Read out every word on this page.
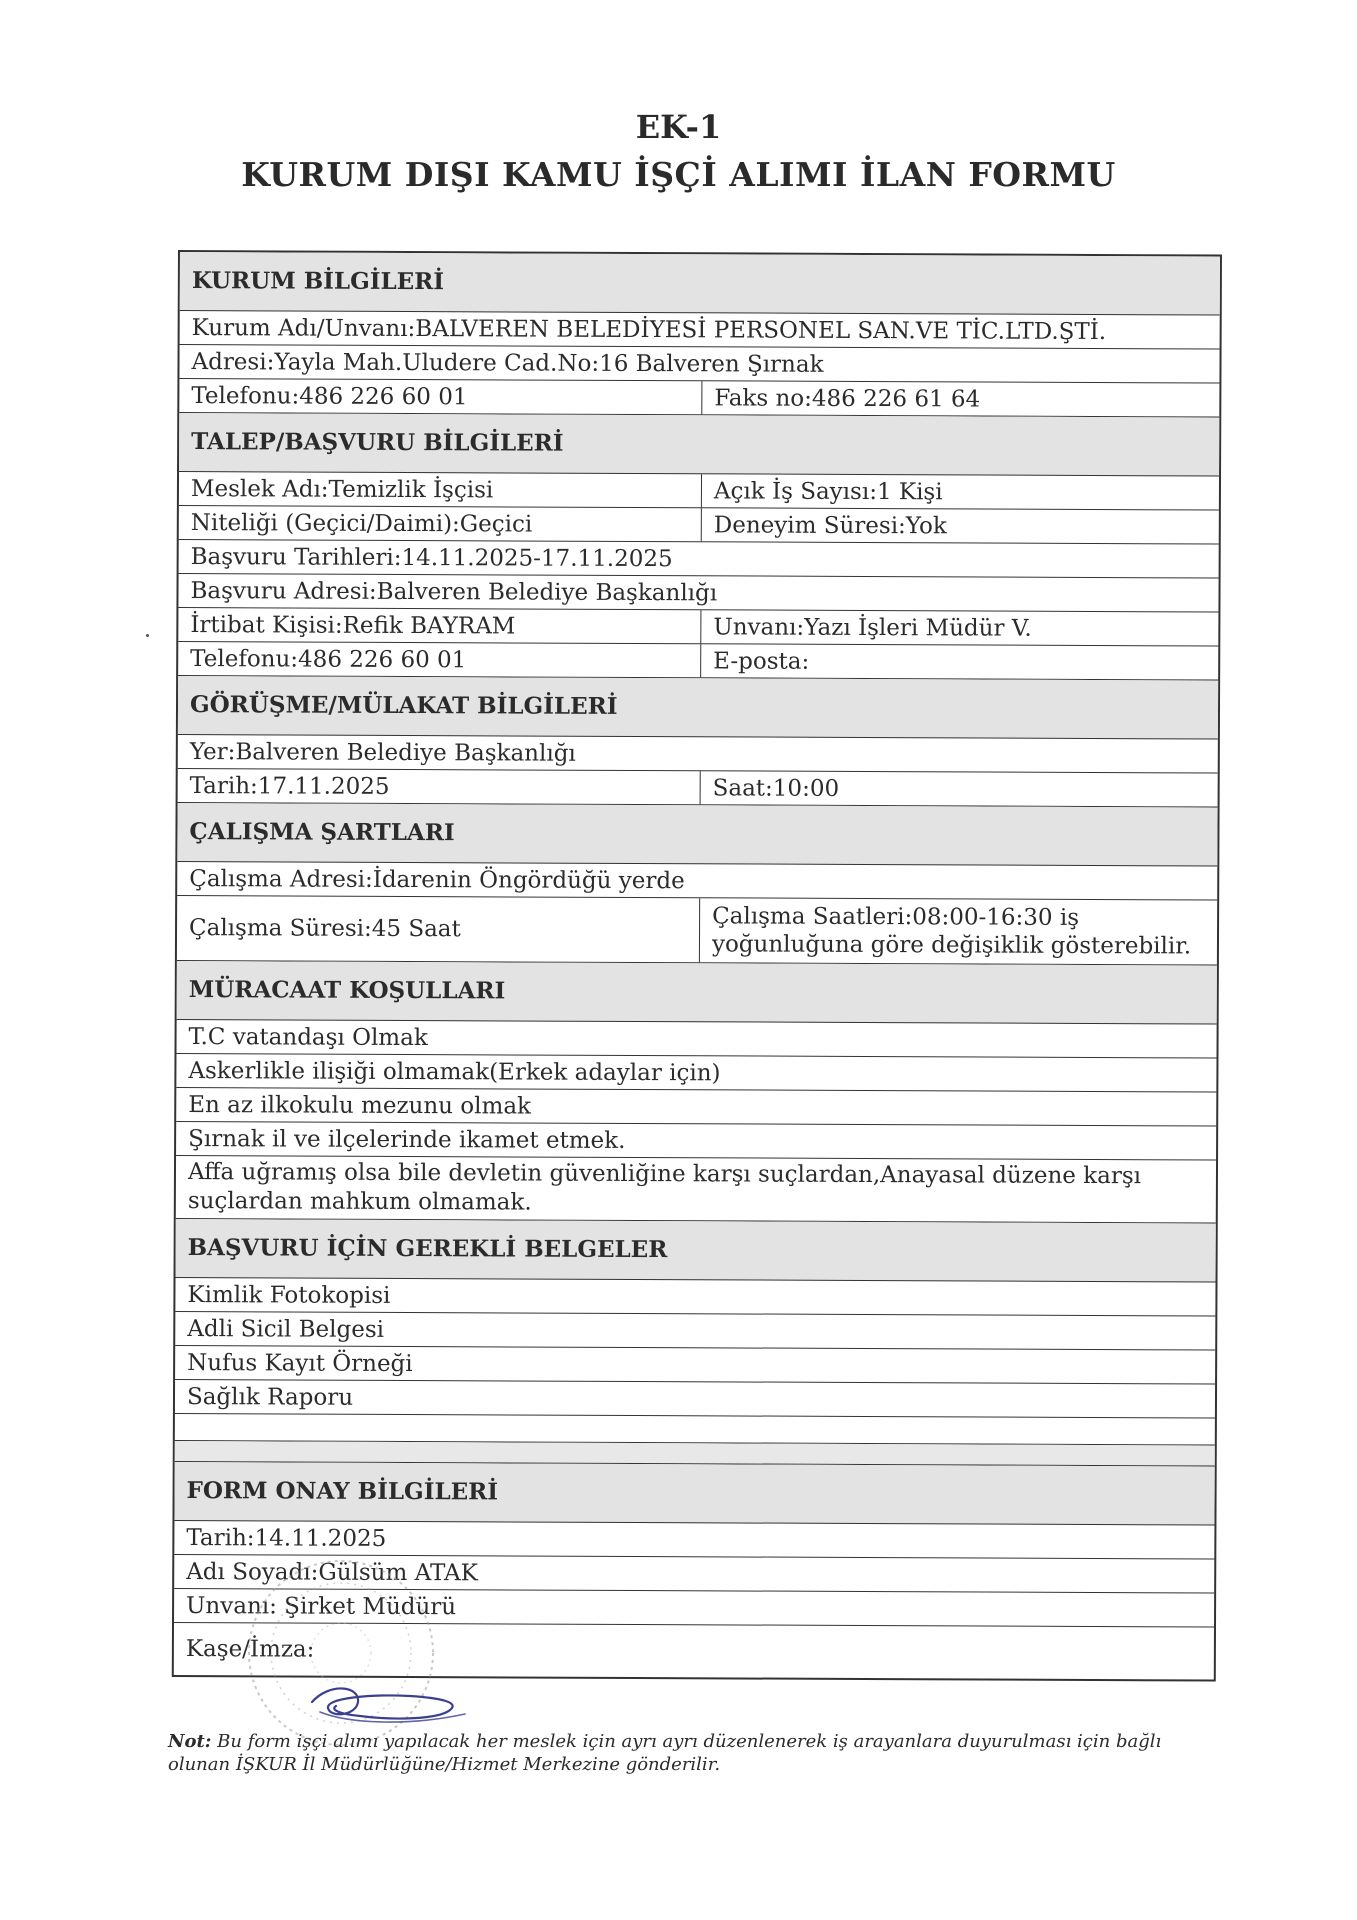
EK-1
KURUM DIŞI KAMU İŞÇİ ALIMI İLAN FORMU
KURUM BİLGİLERİ
Kurum Adı/Unvanı:BALVEREN BELEDİYESİ PERSONEL SAN.VE TİC.LTD.ŞTİ.
Adresi:Yayla Mah.Uludere Cad.No:16 Balveren Şırnak
Telefonu:486 226 60 01	Faks no:486 226 61 64
TALEP/BAŞVURU BİLGİLERİ
Meslek Adı:Temizlik İşçisi	Açık İş Sayısı:1 Kişi
Niteliği (Geçici/Daimi):Geçici	Deneyim Süresi:Yok
Başvuru Tarihleri:14.11.2025-17.11.2025
Başvuru Adresi:Balveren Belediye Başkanlığı
İrtibat Kişisi:Refik BAYRAM	Unvanı:Yazı İşleri Müdür V.
Telefonu:486 226 60 01	E-posta:
GÖRÜŞME/MÜLAKAT BİLGİLERİ
Yer:Balveren Belediye Başkanlığı
Tarih:17.11.2025	Saat:10:00
ÇALIŞMA ŞARTLARI
Çalışma Adresi:İdarenin Öngördüğü yerde
Çalışma Süresi:45 Saat	Çalışma Saatleri:08:00-16:30 iş yoğunluğuna göre değişiklik gösterebilir.
MÜRACAAT KOŞULLARI
T.C vatandaşı Olmak
Askerlikle ilişiği olmamak(Erkek adaylar için)
En az ilkokulu mezunu olmak
Şırnak il ve ilçelerinde ikamet etmek.
Affa uğramış olsa bile devletin güvenliğine karşı suçlardan,Anayasal düzene karşı suçlardan mahkum olmamak.
BAŞVURU İÇİN GEREKLİ BELGELER
Kimlik Fotokopisi
Adli Sicil Belgesi
Nufus Kayıt Örneği
Sağlık Raporu
FORM ONAY BİLGİLERİ
Tarih:14.11.2025
Adı Soyadı:Gülsüm ATAK
Unvanı: Şirket Müdürü
Kaşe/İmza:
Not: Bu form işçi alımı yapılacak her meslek için ayrı ayrı düzenlenerek iş arayanlara duyurulması için bağlı olunan İŞKUR İl Müdürlüğüne/Hizmet Merkezine gönderilir.
